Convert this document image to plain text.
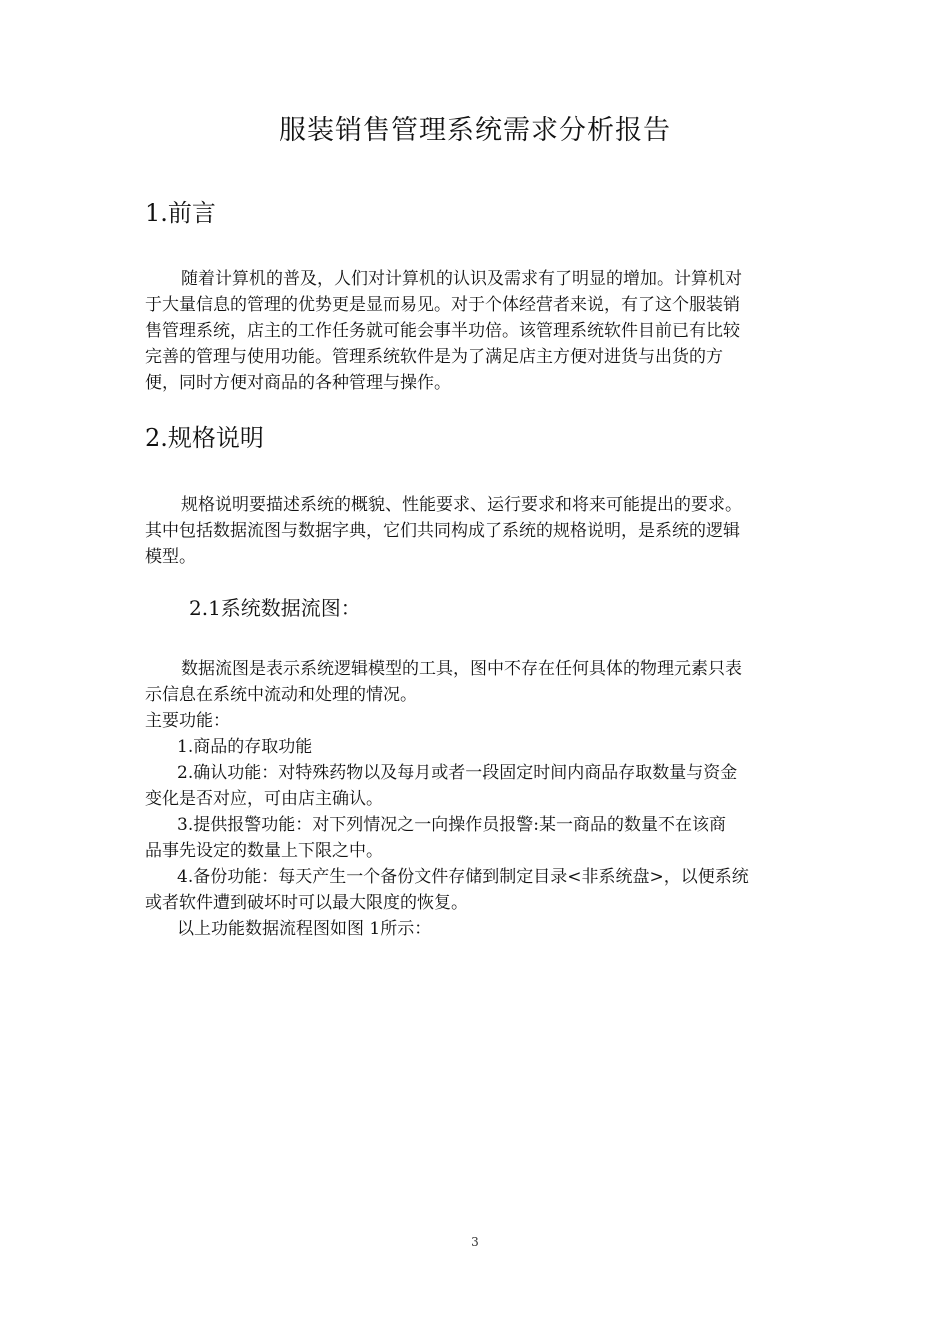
服装销售管理系统需求分析报告
1.前言
随着计算机的普及，人们对计算机的认识及需求有了明显的增加。计算机对
于大量信息的管理的优势更是显而易见。对于个体经营者来说，有了这个服装销
售管理系统，店主的工作任务就可能会事半功倍。该管理系统软件目前已有比较
完善的管理与使用功能。管理系统软件是为了满足店主方便对进货与出货的方
便，同时方便对商品的各种管理与操作。
2.规格说明
规格说明要描述系统的概貌、性能要求、运行要求和将来可能提出的要求。
其中包括数据流图与数据字典，它们共同构成了系统的规格说明，是系统的逻辑
模型。
2.1系统数据流图：
数据流图是表示系统逻辑模型的工具，图中不存在任何具体的物理元素只表
示信息在系统中流动和处理的情况。
主要功能：
1.商品的存取功能
2.确认功能：对特殊药物以及每月或者一段固定时间内商品存取数量与资金
变化是否对应，可由店主确认。
3.提供报警功能：对下列情况之一向操作员报警:某一商品的数量不在该商
品事先设定的数量上下限之中。
4.备份功能：每天产生一个备份文件存储到制定目录<非系统盘>，以便系统
或者软件遭到破坏时可以最大限度的恢复。
以上功能数据流程图如图 1所示：
3
